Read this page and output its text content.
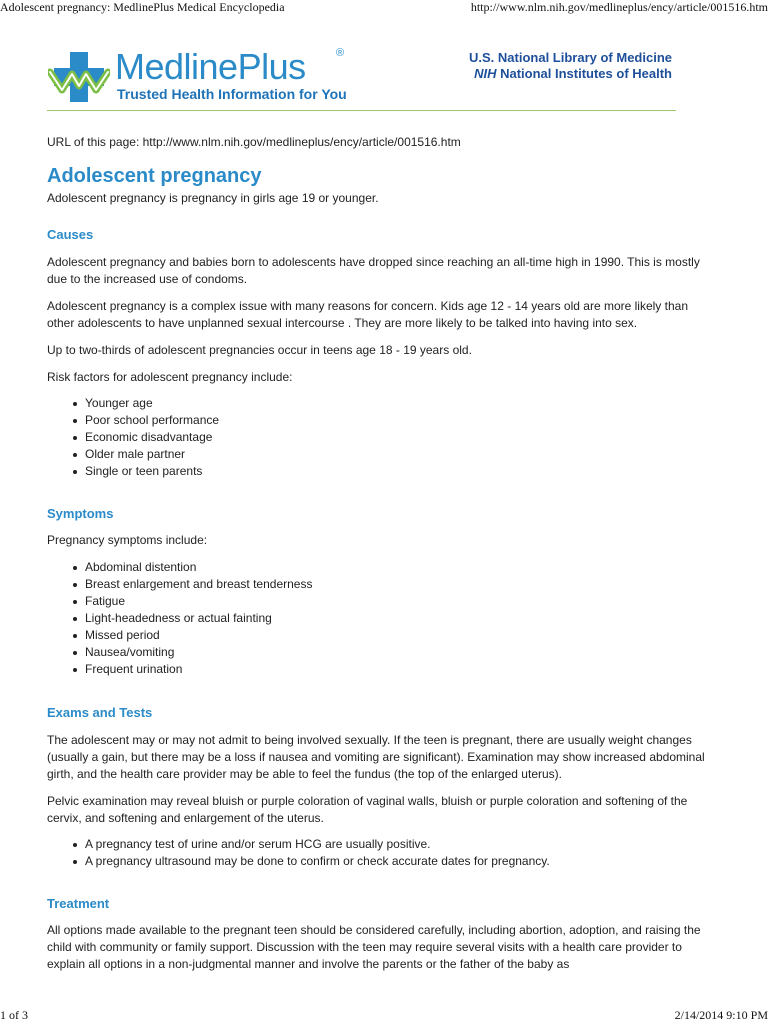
Adolescent pregnancy: MedlinePlus Medical Encyclopedia	http://www.nlm.nih.gov/medlineplus/ency/article/001516.htm
MedlinePlus	®
Trusted Health Information for You
U.S. National Library of Medicine
NIH National Institutes of Health

URL of this page: http://www.nlm.nih.gov/medlineplus/ency/article/001516.htm

Adolescent pregnancy

Adolescent pregnancy is pregnancy in girls age 19 or younger.

Causes

Adolescent pregnancy and babies born to adolescents have dropped since reaching an all-time high in 1990. This is mostly due to the increased use of condoms.

Adolescent pregnancy is a complex issue with many reasons for concern. Kids age 12 - 14 years old are more likely than other adolescents to have unplanned sexual intercourse . They are more likely to be talked into having into sex.

Up to two-thirds of adolescent pregnancies occur in teens age 18 - 19 years old.

Risk factors for adolescent pregnancy include:

Younger age
Poor school performance
Economic disadvantage
Older male partner
Single or teen parents
Symptoms

Pregnancy symptoms include:

Abdominal distention
Breast enlargement and breast tenderness
Fatigue
Light-headedness or actual fainting
Missed period
Nausea/vomiting
Frequent urination
Exams and Tests

The adolescent may or may not admit to being involved sexually. If the teen is pregnant, there are usually weight changes (usually a gain, but there may be a loss if nausea and vomiting are significant). Examination may show increased abdominal girth, and the health care provider may be able to feel the fundus (the top of the enlarged uterus).

Pelvic examination may reveal bluish or purple coloration of vaginal walls, bluish or purple coloration and softening of the cervix, and softening and enlargement of the uterus.

A pregnancy test of urine and/or serum HCG are usually positive.
A pregnancy ultrasound may be done to confirm or check accurate dates for pregnancy.
Treatment

All options made available to the pregnant teen should be considered carefully, including abortion, adoption, and raising the child with community or family support. Discussion with the teen may require several visits with a health care provider to explain all options in a non-judgmental manner and involve the parents or the father of the baby as

1 of 3	2/14/2014 9:10 PM
